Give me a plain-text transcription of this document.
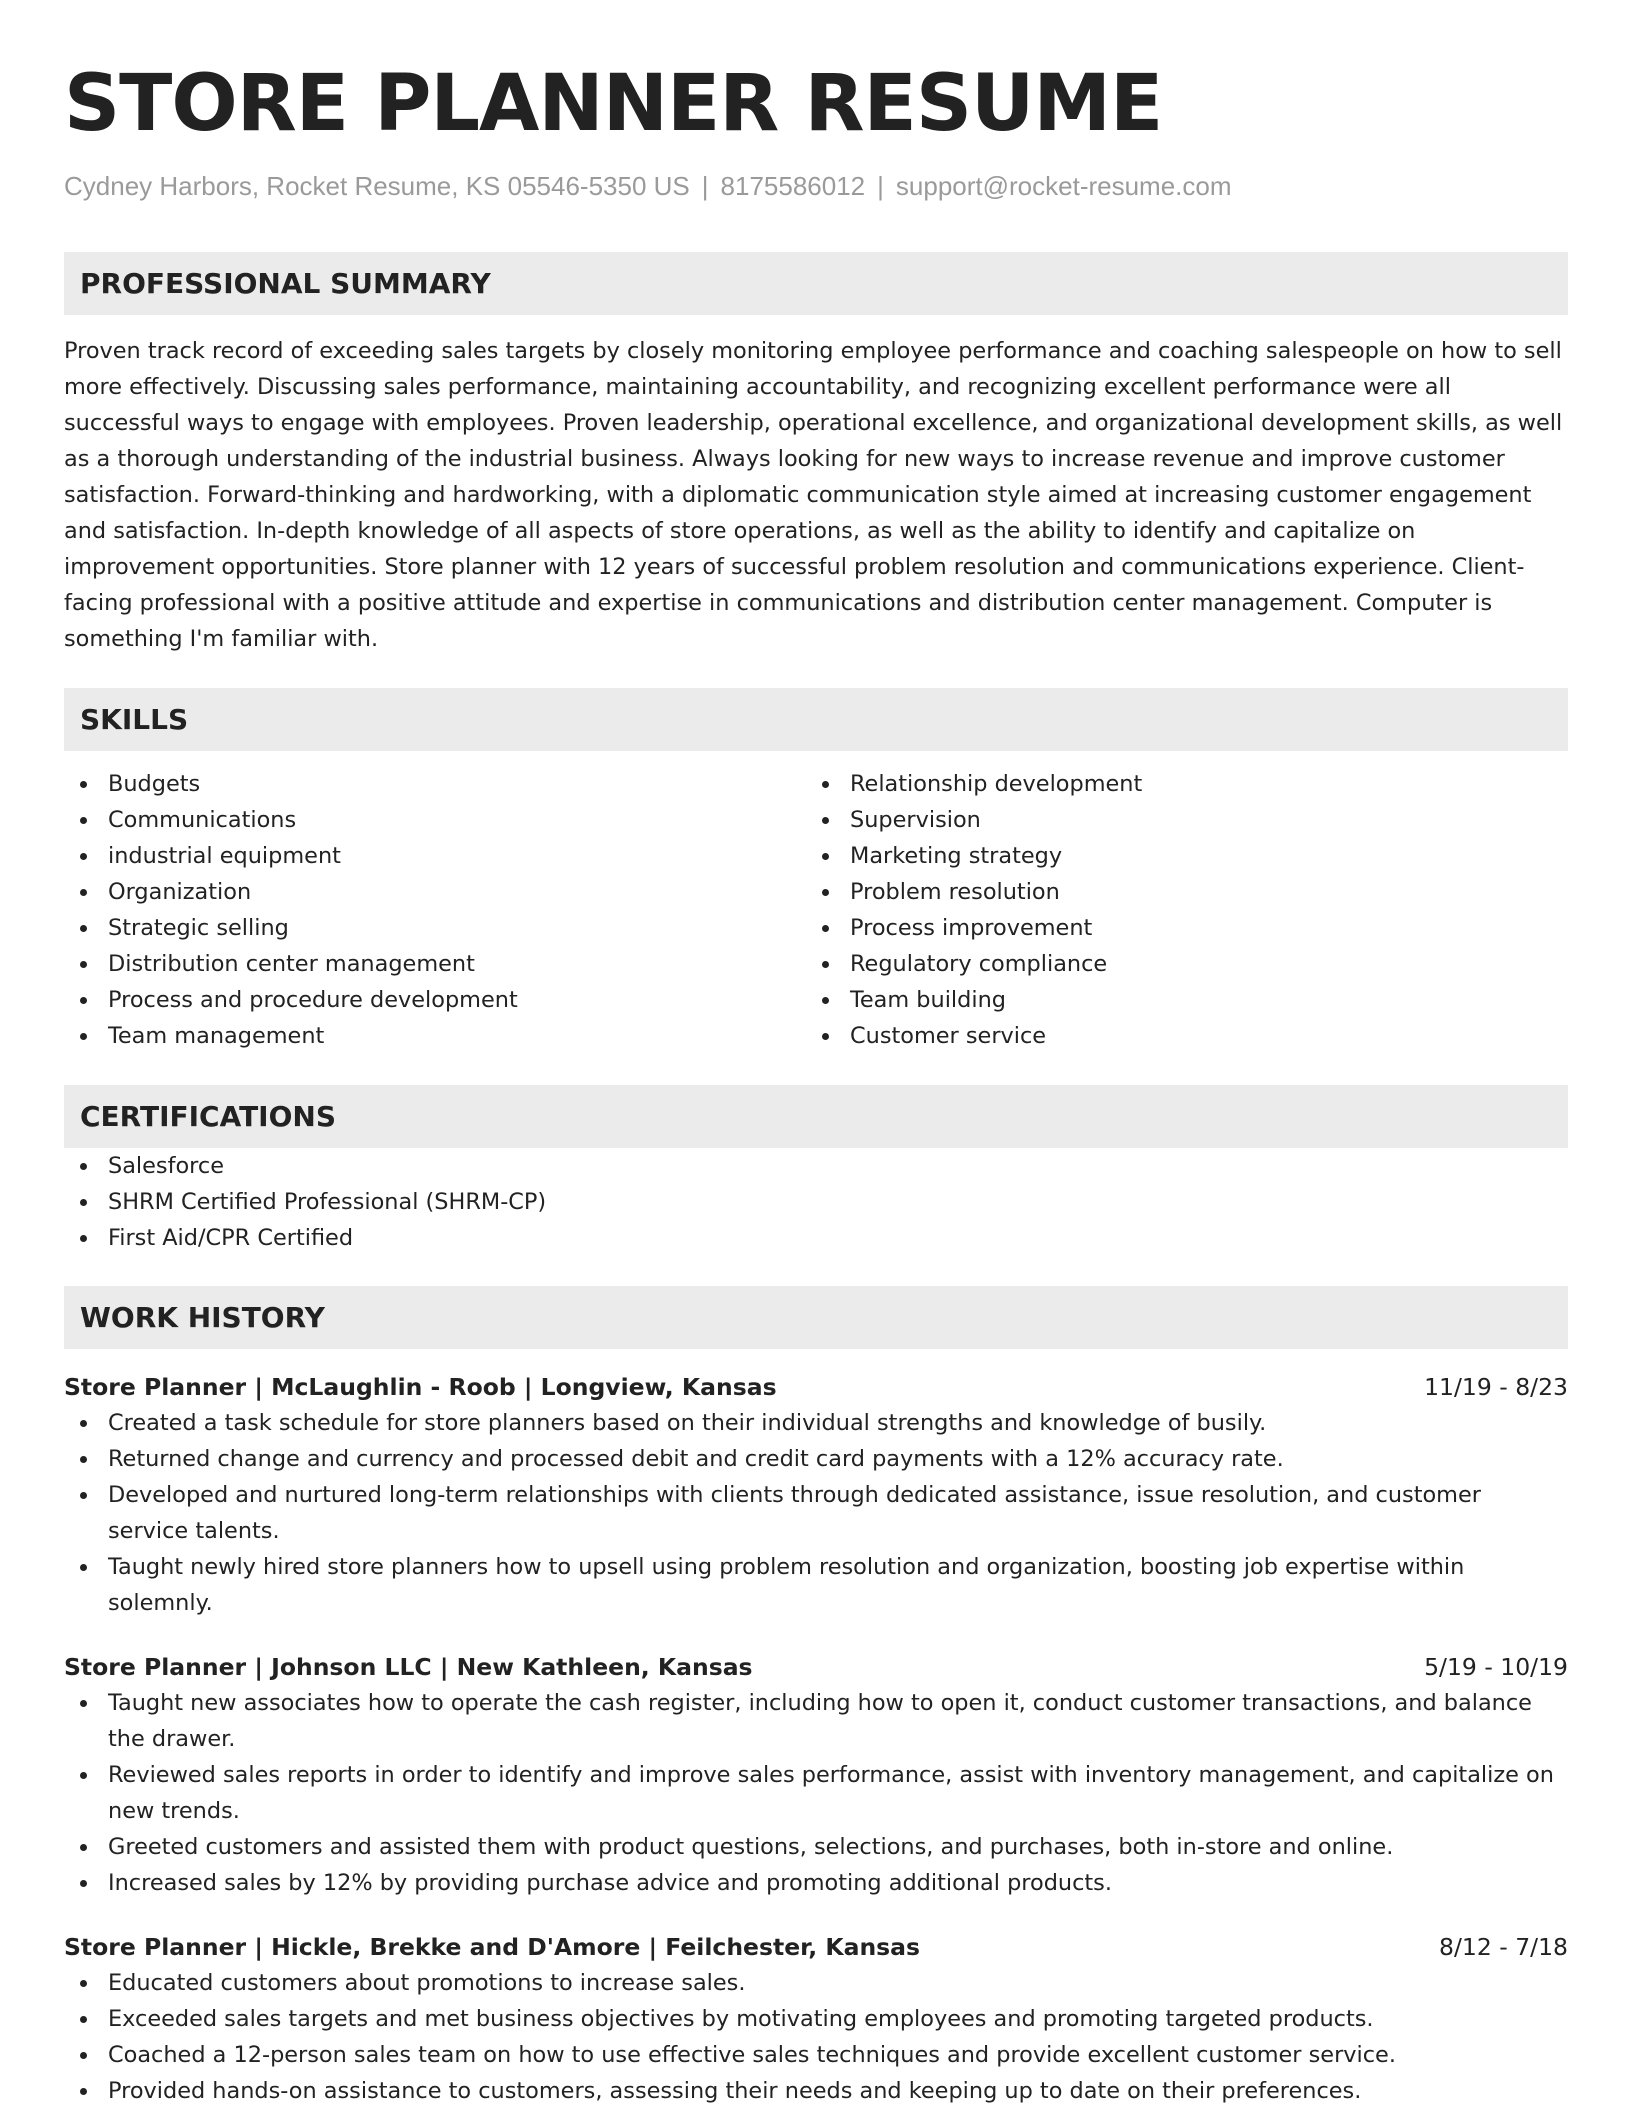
STORE PLANNER RESUME
Cydney Harbors, Rocket Resume, KS 05546-5350 US | 8175586012 | support@rocket-resume.com
PROFESSIONAL SUMMARY
Proven track record of exceeding sales targets by closely monitoring employee performance and coaching salespeople on how to sell more effectively. Discussing sales performance, maintaining accountability, and recognizing excellent performance were all successful ways to engage with employees. Proven leadership, operational excellence, and organizational development skills, as well as a thorough understanding of the industrial business. Always looking for new ways to increase revenue and improve customer satisfaction. Forward-thinking and hardworking, with a diplomatic communication style aimed at increasing customer engagement and satisfaction. In-depth knowledge of all aspects of store operations, as well as the ability to identify and capitalize on improvement opportunities. Store planner with 12 years of successful problem resolution and communications experience. Client-facing professional with a positive attitude and expertise in communications and distribution center management. Computer is something I'm familiar with.
SKILLS
Budgets
Communications
industrial equipment
Organization
Strategic selling
Distribution center management
Process and procedure development
Team management
Relationship development
Supervision
Marketing strategy
Problem resolution
Process improvement
Regulatory compliance
Team building
Customer service
CERTIFICATIONS
Salesforce
SHRM Certified Professional (SHRM-CP)
First Aid/CPR Certified
WORK HISTORY
Store Planner | McLaughlin - Roob | Longview, Kansas	11/19 - 8/23
Created a task schedule for store planners based on their individual strengths and knowledge of busily.
Returned change and currency and processed debit and credit card payments with a 12% accuracy rate.
Developed and nurtured long-term relationships with clients through dedicated assistance, issue resolution, and customer service talents.
Taught newly hired store planners how to upsell using problem resolution and organization, boosting job expertise within solemnly.
Store Planner | Johnson LLC | New Kathleen, Kansas	5/19 - 10/19
Taught new associates how to operate the cash register, including how to open it, conduct customer transactions, and balance the drawer.
Reviewed sales reports in order to identify and improve sales performance, assist with inventory management, and capitalize on new trends.
Greeted customers and assisted them with product questions, selections, and purchases, both in-store and online.
Increased sales by 12% by providing purchase advice and promoting additional products.
Store Planner | Hickle, Brekke and D'Amore | Feilchester, Kansas	8/12 - 7/18
Educated customers about promotions to increase sales.
Exceeded sales targets and met business objectives by motivating employees and promoting targeted products.
Coached a 12-person sales team on how to use effective sales techniques and provide excellent customer service.
Provided hands-on assistance to customers, assessing their needs and keeping up to date on their preferences.
